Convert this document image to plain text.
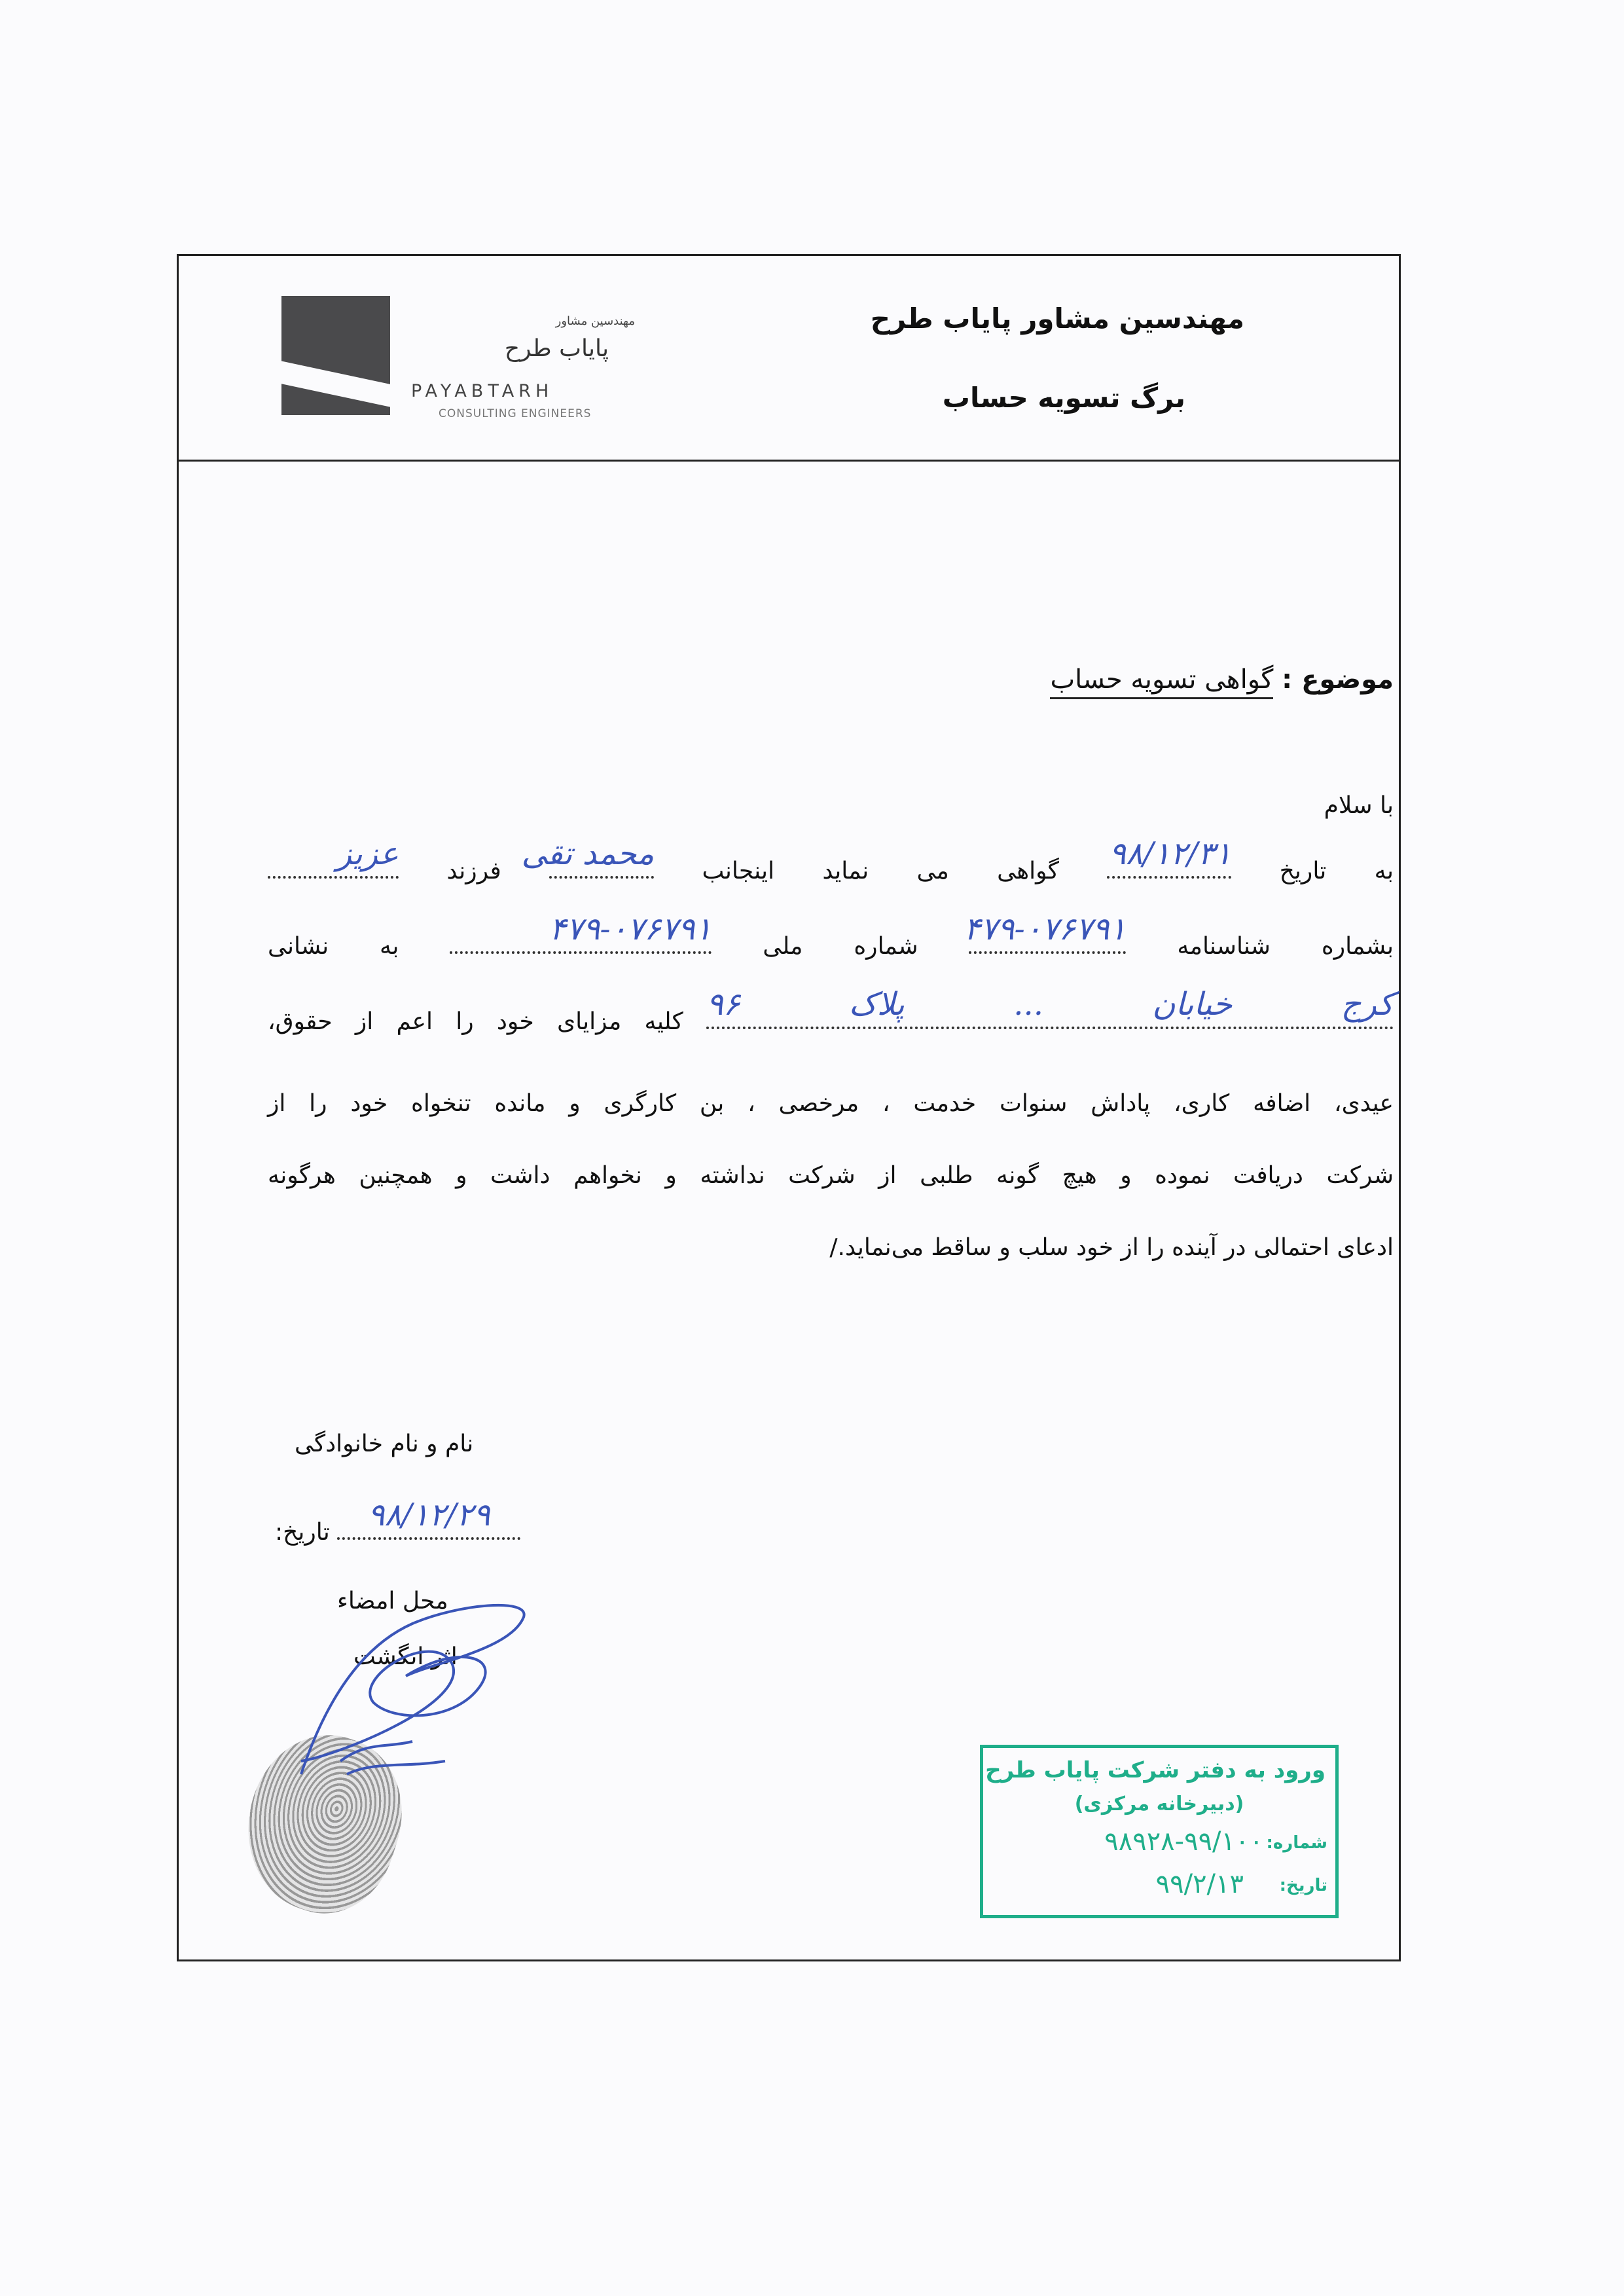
مهندسین مشاور
پایاب طرح
PAYABTARH
CONSULTING ENGINEERS
مهندسین مشاور پایاب طرح
برگ تسویه حساب
موضوع : گواهی تسویه حساب
با سلام
به تاریخ
۹۸/۱۲/۳۱
گواهی می نماید اینجانب
محمد تقی
فرزند
عزیز
بشماره شناسنامه
۴۷۹-۰۷۶۷۹۱
شماره ملی
۴۷۹-۰۷۶۷۹۱
به نشانی
کرج خیابان ... پلاک ۹۶
کلیه مزایای خود را اعم از حقوق،
عیدی، اضافه کاری، پاداش سنوات خدمت ، مرخصی ، بن کارگری و مانده تنخواه خود را از
شرکت دریافت نموده و هیچ گونه طلبی از شرکت نداشته و نخواهم داشت و همچنین هرگونه
ادعای احتمالی در آینده را از خود سلب و ساقط می‌نماید./
نام و نام خانوادگی
۹۸/۱۲/۲۹
تاریخ:
محل امضاء
اثر انگشت
ورود به دفتر شرکت پایاب طرح
(دبیرخانه مرکزی)
شماره:
۹۸۹۲۸-۹۹/۱۰۰
تاریخ:
۹۹/۲/۱۳
